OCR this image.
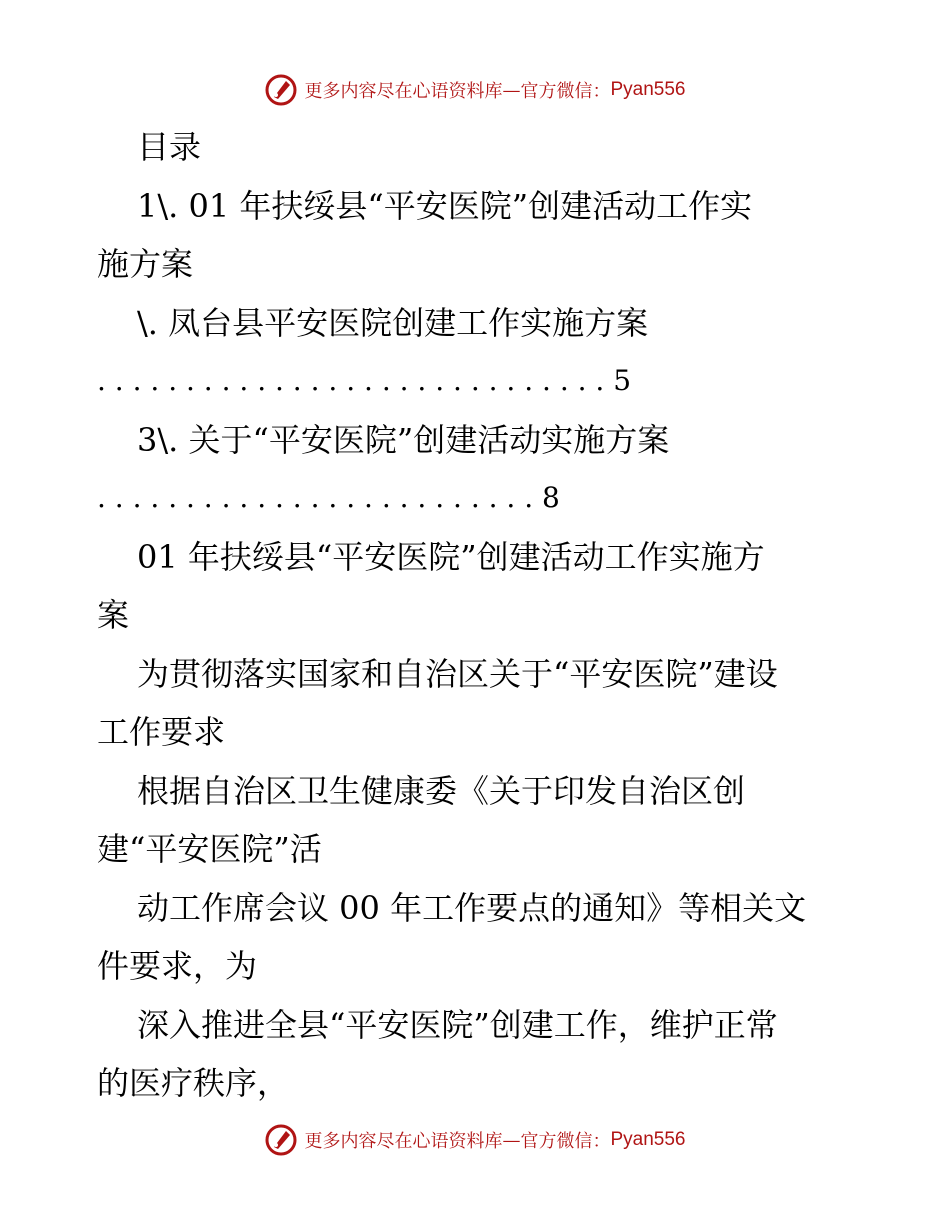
更多内容尽在心语资料库 — 官方微信： Pyan556
目录
1\. 01 年扶绥县“平安医院”创建活动工作实
施方案
\. 凤台县平安医院创建工作实施方案
. . . . . . . . . . . . . . . . . . . . . . . . . . . . . 5
3\. 关于“平安医院”创建活动实施方案
. . . . . . . . . . . . . . . . . . . . . . . . . 8
01 年扶绥县“平安医院”创建活动工作实施方
案
为贯彻落实国家和自治区关于“平安医院”建设
工作要求
根据自治区卫生健康委《关于印发自治区创
建“平安医院”活
动工作席会议 00 年工作要点的通知》等相关文
件要求，为
深入推进全县“平安医院”创建工作，维护正常
的医疗秩序，
更多内容尽在心语资料库 — 官方微信： Pyan556
